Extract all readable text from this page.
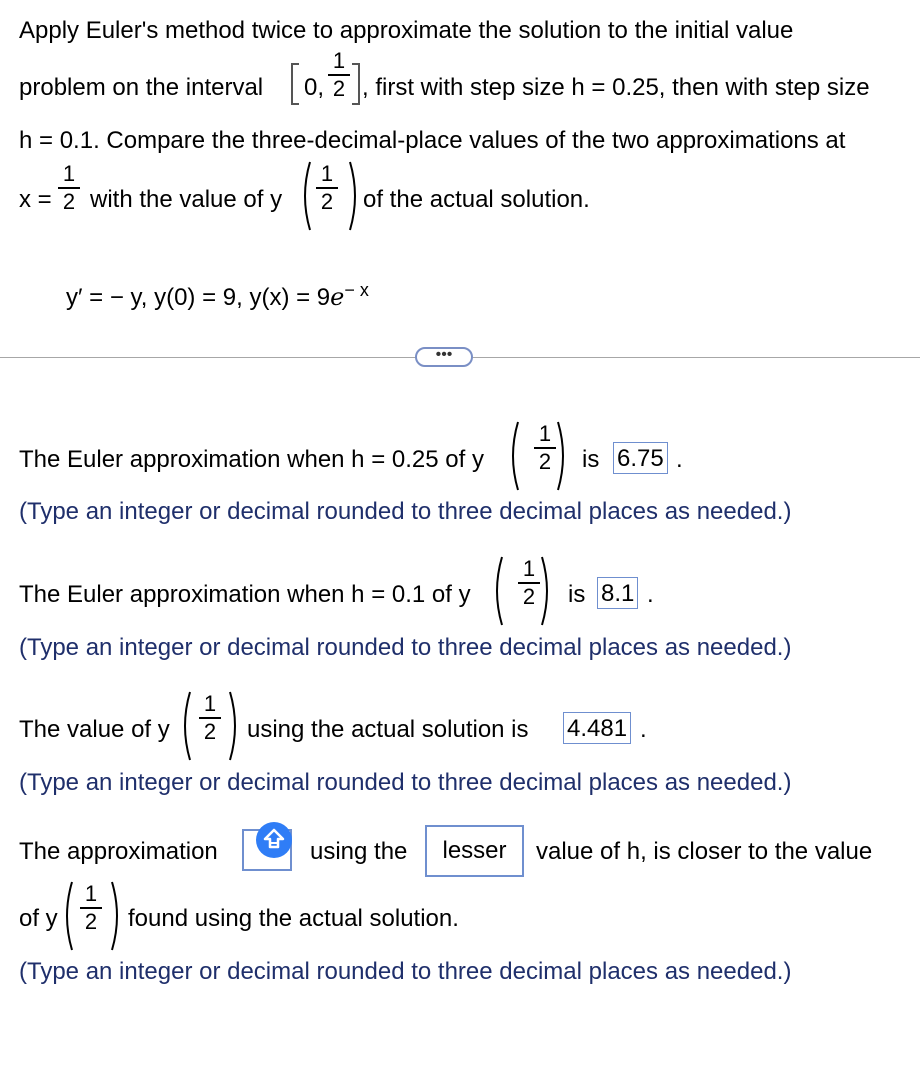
Apply Euler's method twice to approximate the solution to the initial value
problem on the interval 0,
1
2 , first with step size h = 0.25, then with step size
h = 0.1. Compare the three-decimal-place values of the two approximations at
x =
1
2 with the value of y
1
2 of the actual solution.
y′ = − y, y(0) = 9, $y(x) = 9e^{- x}$
•••
The Euler approximation when h = 0.25 of y
1
2 is 6.75 .
(Type an integer or decimal rounded to three decimal places as needed.)
The Euler approximation when h = 0.1 of y
1
2 is 8.1 .
(Type an integer or decimal rounded to three decimal places as needed.)
The value of y
1
2 using the actual solution is 4.481 .
(Type an integer or decimal rounded to three decimal places as needed.)
The approximation	using the	lesser	value of h, is closer to the value
of y
1
2 found using the actual solution.
(Type an integer or decimal rounded to three decimal places as needed.)
